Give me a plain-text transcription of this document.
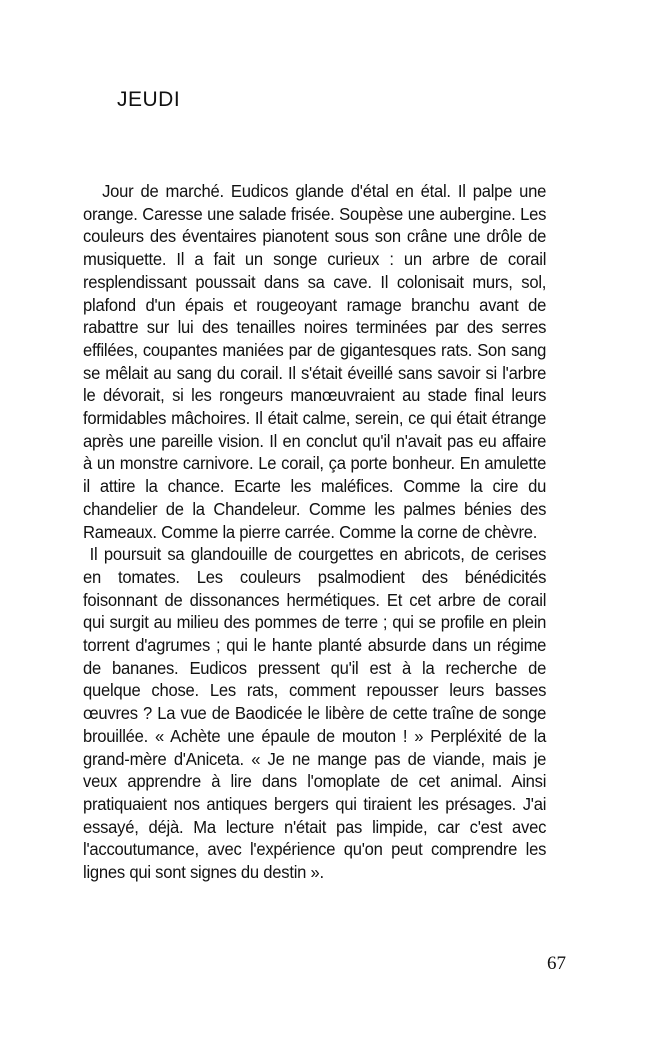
JEUDI

Jour de marché. Eudicos glande d'étal en étal. Il palpe une orange. Caresse une salade frisée. Soupèse une aubergine. Les couleurs des éventaires pianotent sous son crâne une drôle de musiquette. Il a fait un songe curieux : un arbre de corail resplendissant poussait dans sa cave. Il colonisait murs, sol, plafond d'un épais et rougeoyant ramage branchu avant de rabattre sur lui des tenailles noires terminées par des serres effilées, coupantes maniées par de gigantesques rats. Son sang se mêlait au sang du corail. Il s'était éveillé sans savoir si l'arbre le dévorait, si les rongeurs manœuvraient au stade final leurs formidables mâchoires. Il était calme, serein, ce qui était étrange après une pareille vision. Il en conclut qu'il n'avait pas eu affaire à un monstre carnivore. Le corail, ça porte bonheur. En amulette il attire la chance. Ecarte les maléfices. Comme la cire du chandelier de la Chandeleur. Comme les palmes bénies des Rameaux. Comme la pierre carrée. Comme la corne de chèvre.

Il poursuit sa glandouille de courgettes en abricots, de cerises en tomates. Les couleurs psalmodient des bénédicités foisonnant de dissonances hermétiques. Et cet arbre de corail qui surgit au milieu des pommes de terre ; qui se profile en plein torrent d'agrumes ; qui le hante planté absurde dans un régime de bananes. Eudicos pressent qu'il est à la recherche de quelque chose. Les rats, comment repousser leurs basses œuvres ? La vue de Baodicée le libère de cette traîne de songe brouillée. « Achète une épaule de mouton ! » Perpléxité de la grand-mère d'Aniceta. « Je ne mange pas de viande, mais je veux apprendre à lire dans l'omoplate de cet animal. Ainsi pratiquaient nos antiques bergers qui tiraient les présages. J'ai essayé, déjà. Ma lecture n'était pas limpide, car c'est avec l'accoutumance, avec l'expérience qu'on peut comprendre les lignes qui sont signes du destin ».

67
